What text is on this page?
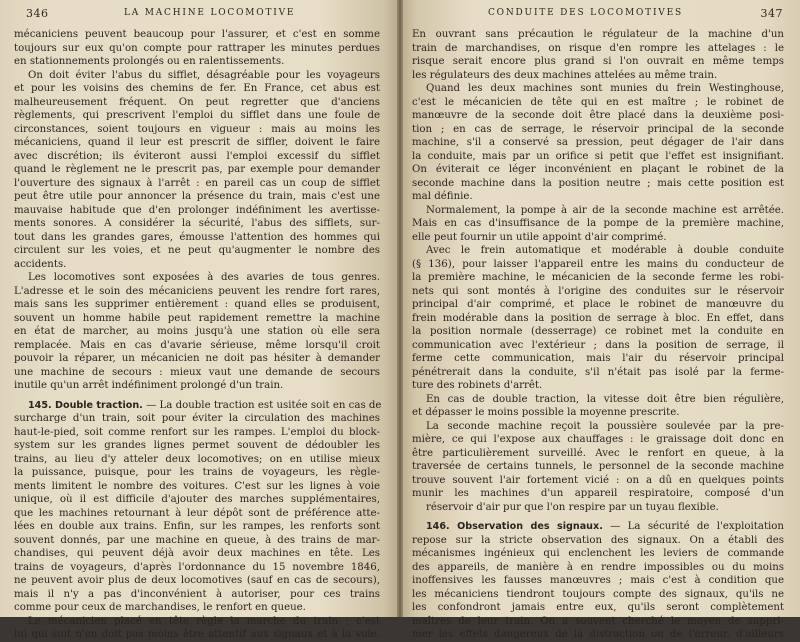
346	LA MACHINE LOCOMOTIVE
mécaniciens peuvent beaucoup pour l'assurer, et c'est en somme
toujours sur eux qu'on compte pour rattraper les minutes perdues
en stationnements prolongés ou en ralentissements.
On doit éviter l'abus du sifflet, désagréable pour les voyageurs
et pour les voisins des chemins de fer. En France, cet abus est
malheureusement fréquent. On peut regretter que d'anciens
règlements, qui prescrivent l'emploi du sifflet dans une foule de
circonstances, soient toujours en vigueur : mais au moins les
mécaniciens, quand il leur est prescrit de siffler, doivent le faire
avec discrétion; ils éviteront aussi l'emploi excessif du sifflet
quand le règlement ne le prescrit pas, par exemple pour demander
l'ouverture des signaux à l'arrêt : en pareil cas un coup de sifflet
peut être utile pour annoncer la présence du train, mais c'est une
mauvaise habitude que d'en prolonger indéfiniment les avertisse-
ments sonores. A considérer la sécurité, l'abus des sifflets, sur-
tout dans les grandes gares, émousse l'attention des hommes qui
circulent sur les voies, et ne peut qu'augmenter le nombre des
accidents.
Les locomotives sont exposées à des avaries de tous genres.
L'adresse et le soin des mécaniciens peuvent les rendre fort rares,
mais sans les supprimer entièrement : quand elles se produisent,
souvent un homme habile peut rapidement remettre la machine
en état de marcher, au moins jusqu'à une station où elle sera
remplacée. Mais en cas d'avarie sérieuse, même lorsqu'il croit
pouvoir la réparer, un mécanicien ne doit pas hésiter à demander
une machine de secours : mieux vaut une demande de secours
inutile qu'un arrêt indéfiniment prolongé d'un train.
145. Double traction. — La double traction est usitée soit en cas de
surcharge d'un train, soit pour éviter la circulation des machines
haut-le-pied, soit comme renfort sur les rampes. L'emploi du block-
system sur les grandes lignes permet souvent de dédoubler les
trains, au lieu d'y atteler deux locomotives; on en utilise mieux
la puissance, puisque, pour les trains de voyageurs, les règle-
ments limitent le nombre des voitures. C'est sur les lignes à voie
unique, où il est difficile d'ajouter des marches supplémentaires,
que les machines retournant à leur dépôt sont de préférence atte-
lées en double aux trains. Enfin, sur les rampes, les renforts sont
souvent donnés, par une machine en queue, à des trains de mar-
chandises, qui peuvent déjà avoir deux machines en tête. Les
trains de voyageurs, d'après l'ordonnance du 15 novembre 1846,
ne peuvent avoir plus de deux locomotives (sauf en cas de secours),
mais il n'y a pas d'inconvénient à autoriser, pour ces trains
comme pour ceux de marchandises, le renfort en queue.
Le mécanicien placé en tête règle la marche du train ; c'est
lui qui suit n'en doit pas moins être attentif aux signaux et à la voie.
CONDUITE DES LOCOMOTIVES	347
En ouvrant sans précaution le régulateur de la machine d'un
train de marchandises, on risque d'en rompre les attelages : le
risque serait encore plus grand si l'on ouvrait en même temps
les régulateurs des deux machines attelées au même train.
Quand les deux machines sont munies du frein Westinghouse,
c'est le mécanicien de tête qui en est maître ; le robinet de
manœuvre de la seconde doit être placé dans la deuxième posi-
tion ; en cas de serrage, le réservoir principal de la seconde
machine, s'il a conservé sa pression, peut dégager de l'air dans
la conduite, mais par un orifice si petit que l'effet est insignifiant.
On éviterait ce léger inconvénient en plaçant le robinet de la
seconde machine dans la position neutre ; mais cette position est
mal définie.
Normalement, la pompe à air de la seconde machine est arrêtée.
Mais en cas d'insuffisance de la pompe de la première machine,
elle peut fournir un utile appoint d'air comprimé.
Avec le frein automatique et modérable à double conduite
(§ 136), pour laisser l'appareil entre les mains du conducteur de
la première machine, le mécanicien de la seconde ferme les robi-
nets qui sont montés à l'origine des conduites sur le réservoir
principal d'air comprimé, et place le robinet de manœuvre du
frein modérable dans la position de serrage à bloc. En effet, dans
la position normale (desserrage) ce robinet met la conduite en
communication avec l'extérieur ; dans la position de serrage, il
ferme cette communication, mais l'air du réservoir principal
pénétrerait dans la conduite, s'il n'était pas isolé par la ferme-
ture des robinets d'arrêt.
En cas de double traction, la vitesse doit être bien régulière,
et dépasser le moins possible la moyenne prescrite.
La seconde machine reçoit la poussière soulevée par la pre-
mière, ce qui l'expose aux chauffages : le graissage doit donc en
être particulièrement surveillé. Avec le renfort en queue, à la
traversée de certains tunnels, le personnel de la seconde machine
trouve souvent l'air fortement vicié : on a dû en quelques points
munir les machines d'un appareil respiratoire, composé d'un
réservoir d'air pur que l'on respire par un tuyau flexible.
146. Observation des signaux. — La sécurité de l'exploitation
repose sur la stricte observation des signaux. On a établi des
mécanismes ingénieux qui enclenchent les leviers de commande
des appareils, de manière à en rendre impossibles ou du moins
inoffensives les fausses manœuvres ; mais c'est à condition que
les mécaniciens tiendront toujours compte des signaux, qu'ils ne
les confondront jamais entre eux, qu'ils seront complètement
maîtres de leur train. On a souvent cherché le moyen de suppri-
mer les effets dangereux de la distraction ou de l'erreur, d'ailleurs
